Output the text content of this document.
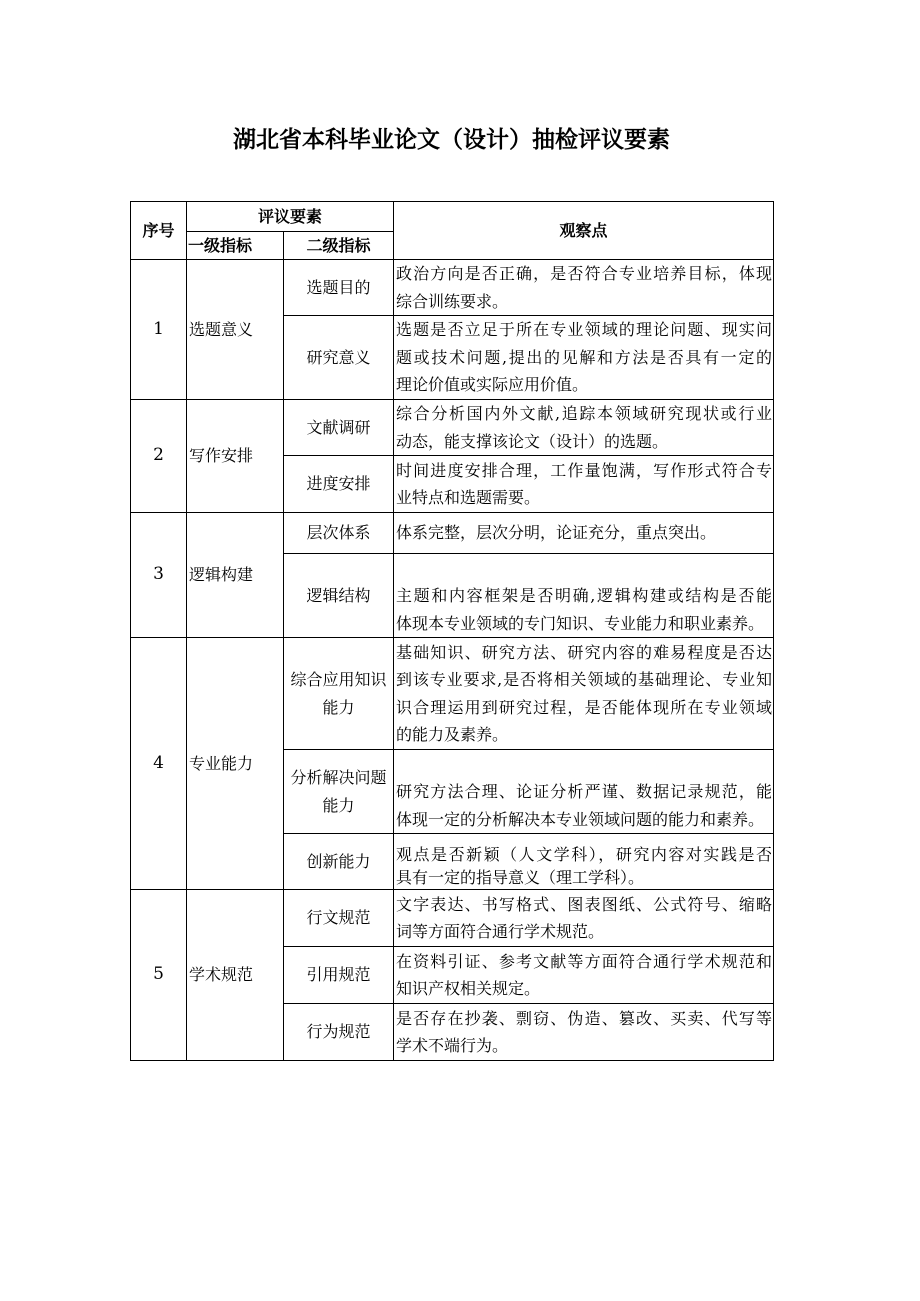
湖北省本科毕业论文（设计）抽检评议要素
序号	评议要素		观察点
	一级指标	二级指标	
1	选题意义	选题目的	政治方向是否正确，是否符合专业培养目标，体现
综合训练要求。

		研究意义	选题是否立足于所在专业领域的理论问题、现实问
题或技术问题,提出的见解和方法是否具有一定的
理论价值或实际应用价值。

2	写作安排	文献调研	综合分析国内外文献,追踪本领域研究现状或行业
动态，能支撑该论文（设计）的选题。

		进度安排	时间进度安排合理，工作量饱满，写作形式符合专
业特点和选题需要。

3	逻辑构建	层次体系	体系完整，层次分明，论证充分，重点突出。

		逻辑结构	主题和内容框架是否明确,逻辑构建或结构是否能
体现本专业领域的专门知识、专业能力和职业素养。

4	专业能力	综合应用知识能力	基础知识、研究方法、研究内容的难易程度是否达
到该专业要求,是否将相关领域的基础理论、专业知
识合理运用到研究过程，是否能体现所在专业领域
的能力及素养。

		分析解决问题能力	研究方法合理、论证分析严谨、数据记录规范，能
体现一定的分析解决本专业领域问题的能力和素养。

		创新能力	观点是否新颖（人文学科），研究内容对实践是否
具有一定的指导意义（理工学科）。

5	学术规范	行文规范	文字表达、书写格式、图表图纸、公式符号、缩略
词等方面符合通行学术规范。

		引用规范	在资料引证、参考文献等方面符合通行学术规范和
知识产权相关规定。

		行为规范	是否存在抄袭、剽窃、伪造、篡改、买卖、代写等
学术不端行为。
